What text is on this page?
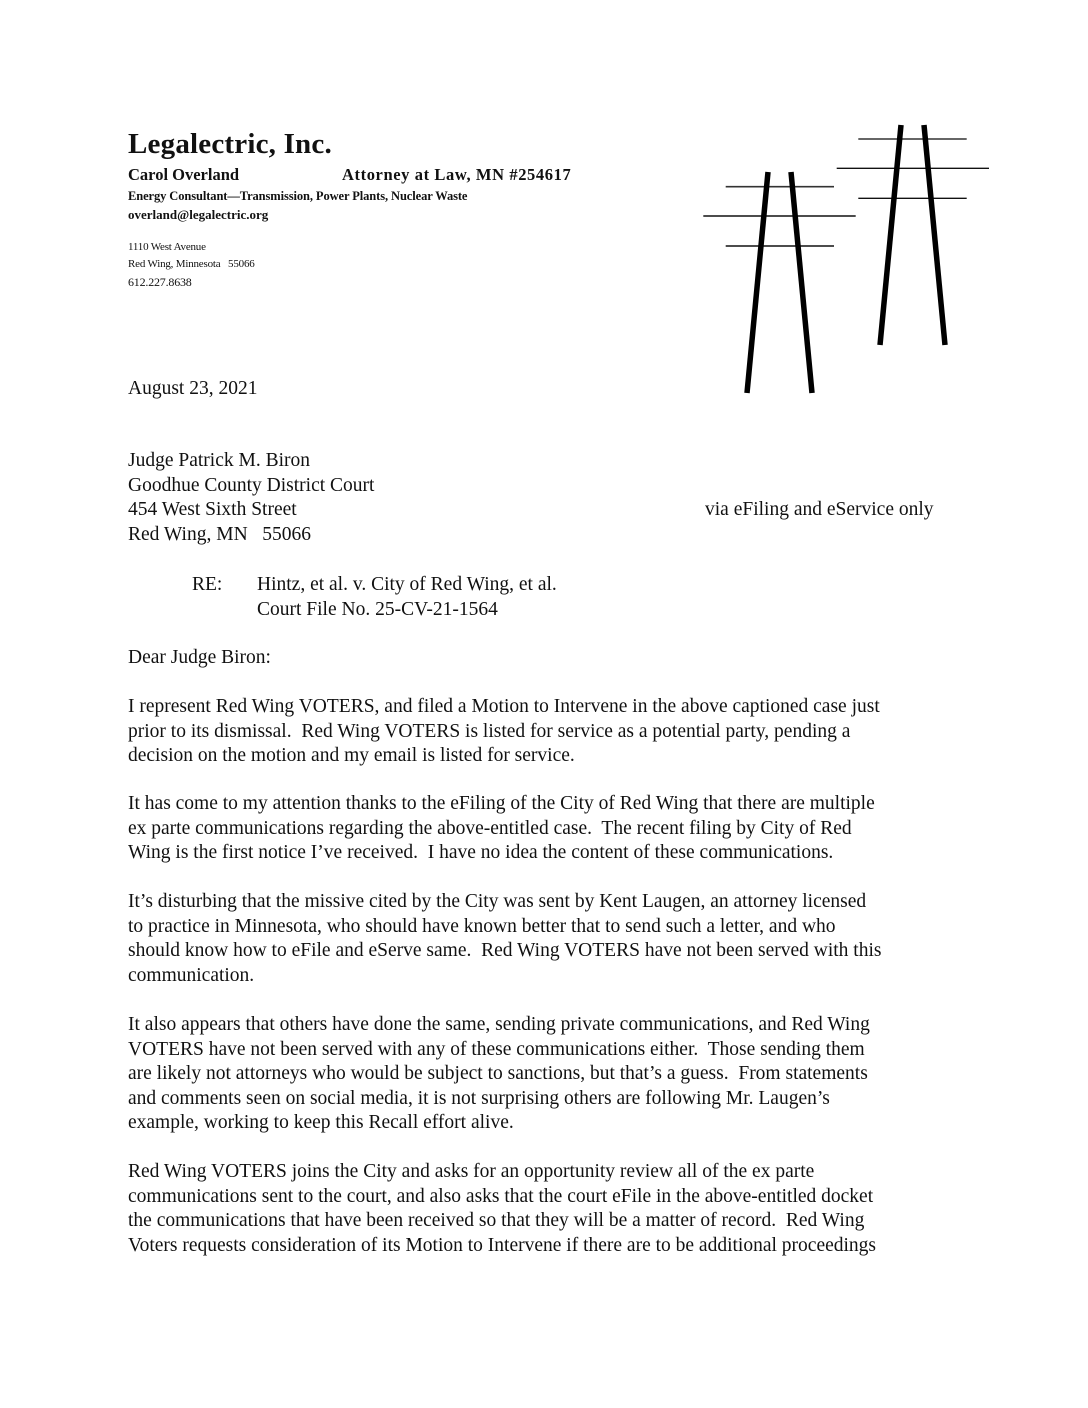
Legalectric, Inc.
Carol Overland	Attorney at Law, MN #254617
Energy Consultant—Transmission, Power Plants, Nuclear Waste
overland@legalectric.org
1110 West Avenue
Red Wing, Minnesota   55066
612.227.8638
August 23, 2021
Judge Patrick M. Biron
Goodhue County District Court
454 West Sixth Street
Red Wing, MN   55066
via eFiling and eService only
RE: Hintz, et al. v. City of Red Wing, et al.
Court File No. 25-CV-21-1564
Dear Judge Biron:
I represent Red Wing VOTERS, and filed a Motion to Intervene in the above captioned case just
prior to its dismissal.  Red Wing VOTERS is listed for service as a potential party, pending a
decision on the motion and my email is listed for service.
It has come to my attention thanks to the eFiling of the City of Red Wing that there are multiple
ex parte communications regarding the above-entitled case.  The recent filing by City of Red
Wing is the first notice I’ve received.  I have no idea the content of these communications.
It’s disturbing that the missive cited by the City was sent by Kent Laugen, an attorney licensed
to practice in Minnesota, who should have known better that to send such a letter, and who
should know how to eFile and eServe same.  Red Wing VOTERS have not been served with this
communication.
It also appears that others have done the same, sending private communications, and Red Wing
VOTERS have not been served with any of these communications either.  Those sending them
are likely not attorneys who would be subject to sanctions, but that’s a guess.  From statements
and comments seen on social media, it is not surprising others are following Mr. Laugen’s
example, working to keep this Recall effort alive.
Red Wing VOTERS joins the City and asks for an opportunity review all of the ex parte
communications sent to the court, and also asks that the court eFile in the above-entitled docket
the communications that have been received so that they will be a matter of record.  Red Wing
Voters requests consideration of its Motion to Intervene if there are to be additional proceedings
